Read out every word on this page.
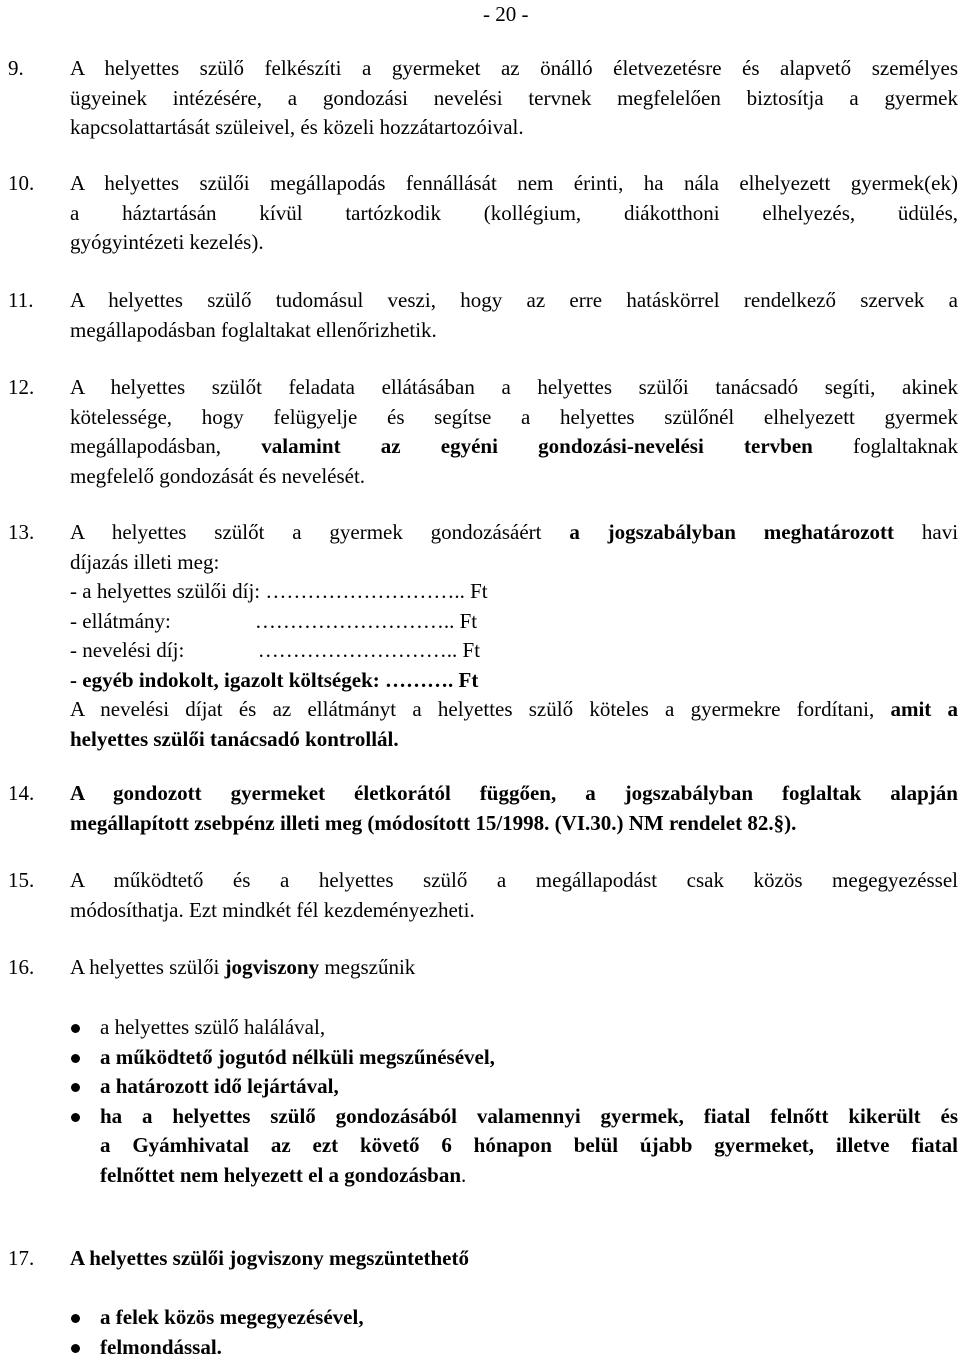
- 20 -
9. A helyettes szülő felkészíti a gyermeket az önálló életvezetésre és alapvető személyes
ügyeinek intézésére, a gondozási nevelési tervnek megfelelően biztosítja a gyermek
kapcsolattartását szüleivel, és közeli hozzátartozóival.
10. A helyettes szülői megállapodás fennállását nem érinti, ha nála elhelyezett gyermek(ek)
a háztartásán kívül tartózkodik (kollégium, diákotthoni elhelyezés, üdülés,
gyógyintézeti kezelés).
11. A helyettes szülő tudomásul veszi, hogy az erre hatáskörrel rendelkező szervek a
megállapodásban foglaltakat ellenőrizhetik.
12. A helyettes szülőt feladata ellátásában a helyettes szülői tanácsadó segíti, akinek
kötelessége, hogy felügyelje és segítse a helyettes szülőnél elhelyezett gyermek
megállapodásban, valamint az egyéni gondozási-nevelési tervben foglaltaknak
megfelelő gondozását és nevelését.
13. A helyettes szülőt a gyermek gondozásáért a jogszabályban meghatározott havi
díjazás illeti meg:
- a helyettes szülői díj: ……………………….. Ft
- ellátmány:                ……………………….. Ft
- nevelési díj:              ……………………….. Ft
- egyéb indokolt, igazolt költségek: ………. Ft
A nevelési díjat és az ellátmányt a helyettes szülő köteles a gyermekre fordítani, amit a
helyettes szülői tanácsadó kontrollál.
14. A gondozott gyermeket életkorától függően, a jogszabályban foglaltak alapján
megállapított zsebpénz illeti meg (módosított 15/1998. (VI.30.) NM rendelet 82.§).
15. A működtető és a helyettes szülő a megállapodást csak közös megegyezéssel
módosíthatja. Ezt mindkét fél kezdeményezheti.
16. A helyettes szülői jogviszony megszűnik
a helyettes szülő halálával,
a működtető jogutód nélküli megszűnésével,
a határozott idő lejártával,
ha a helyettes szülő gondozásából valamennyi gyermek, fiatal felnőtt kikerült és
a Gyámhivatal az ezt követő 6 hónapon belül újabb gyermeket, illetve fiatal
felnőttet nem helyezett el a gondozásban.
17. A helyettes szülői jogviszony megszüntethető
a felek közös megegyezésével,
felmondással.
